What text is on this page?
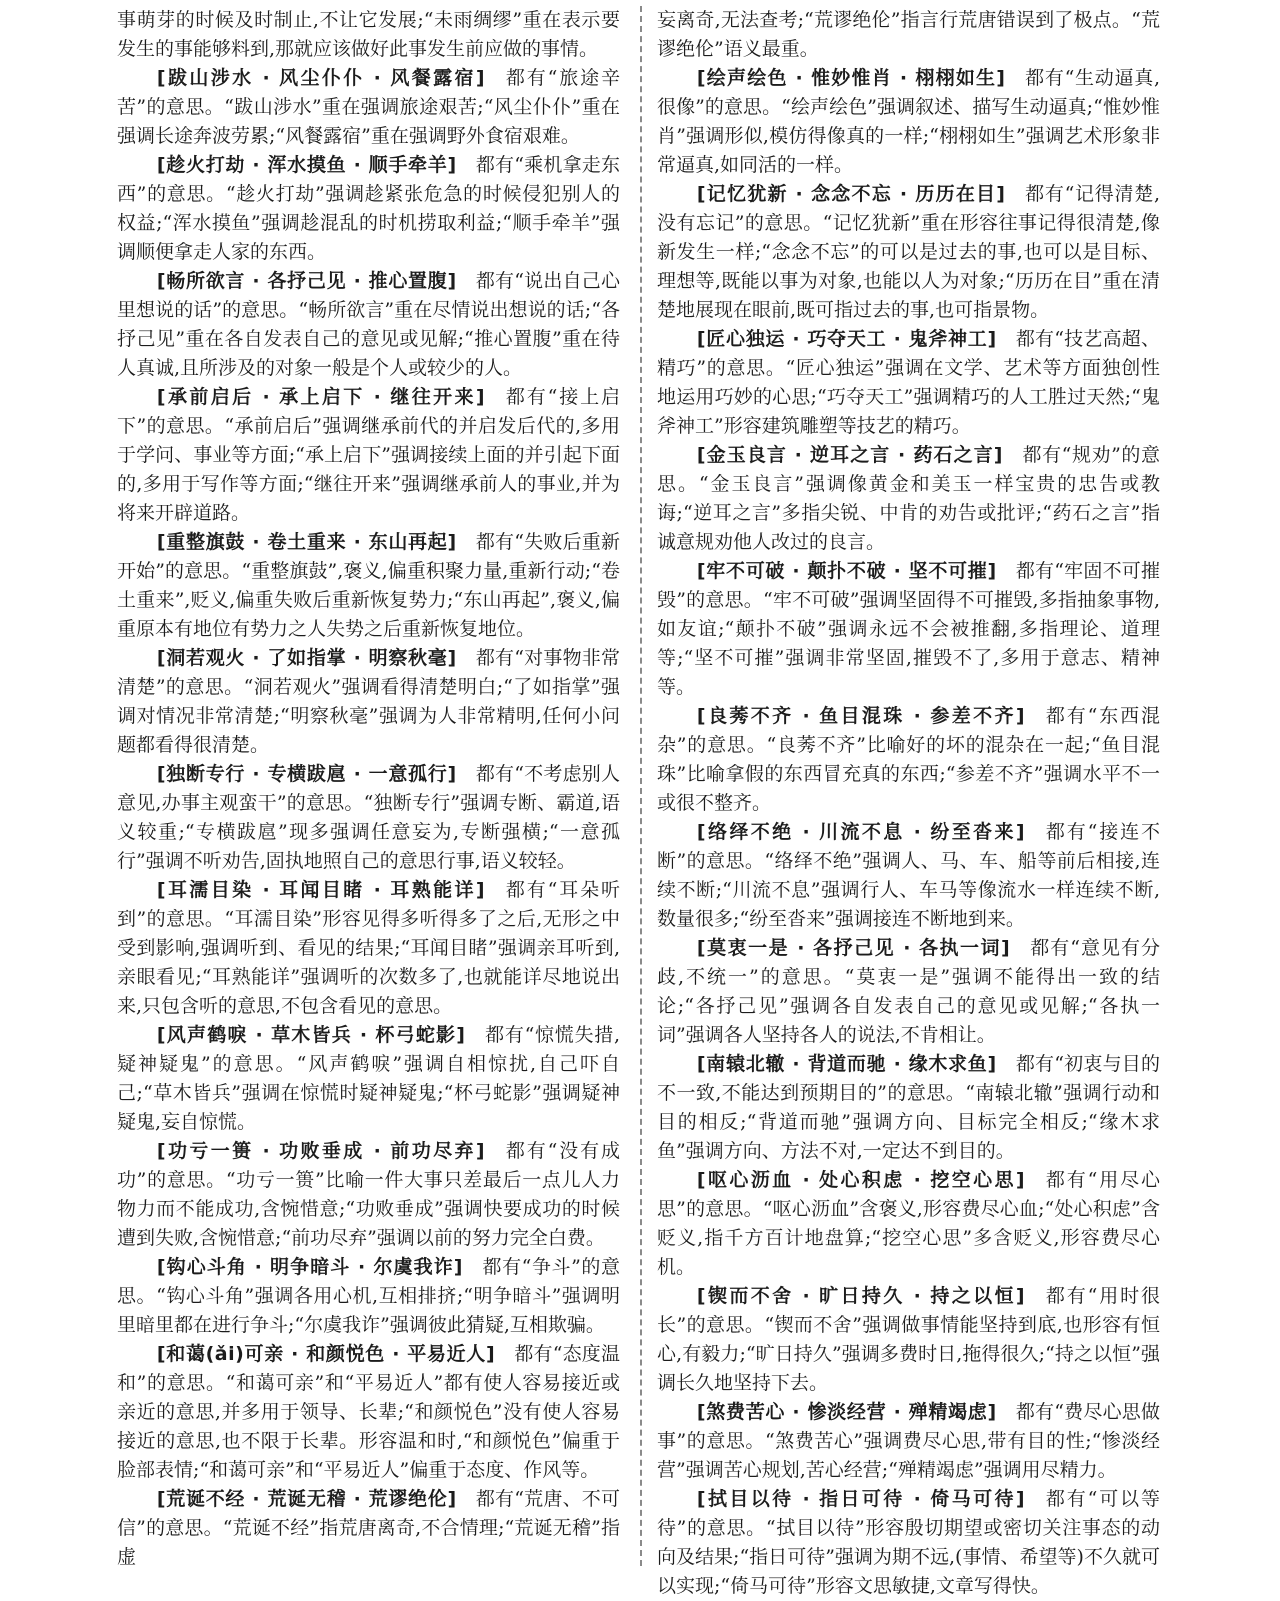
事萌芽的时候及时制止,不让它发展;“未雨绸缪”重在表示要发生的事能够料到,那就应该做好此事发生前应做的事情。

[跋山涉水 · 风尘仆仆 · 风餐露宿] 都有“旅途辛苦”的意思。“跋山涉水”重在强调旅途艰苦;“风尘仆仆”重在强调长途奔波劳累;“风餐露宿”重在强调野外食宿艰难。

[趁火打劫 · 浑水摸鱼 · 顺手牵羊] 都有“乘机拿走东西”的意思。“趁火打劫”强调趁紧张危急的时候侵犯别人的权益;“浑水摸鱼”强调趁混乱的时机捞取利益;“顺手牵羊”强调顺便拿走人家的东西。

[畅所欲言 · 各抒己见 · 推心置腹] 都有“说出自己心里想说的话”的意思。“畅所欲言”重在尽情说出想说的话;“各抒己见”重在各自发表自己的意见或见解;“推心置腹”重在待人真诚,且所涉及的对象一般是个人或较少的人。

[承前启后 · 承上启下 · 继往开来] 都有“接上启下”的意思。“承前启后”强调继承前代的并启发后代的,多用于学问、事业等方面;“承上启下”强调接续上面的并引起下面的,多用于写作等方面;“继往开来”强调继承前人的事业,并为将来开辟道路。

[重整旗鼓 · 卷土重来 · 东山再起] 都有“失败后重新开始”的意思。“重整旗鼓”,褒义,偏重积聚力量,重新行动;“卷土重来”,贬义,偏重失败后重新恢复势力;“东山再起”,褒义,偏重原本有地位有势力之人失势之后重新恢复地位。

[洞若观火 · 了如指掌 · 明察秋毫] 都有“对事物非常清楚”的意思。“洞若观火”强调看得清楚明白;“了如指掌”强调对情况非常清楚;“明察秋毫”强调为人非常精明,任何小问题都看得很清楚。

[独断专行 · 专横跋扈 · 一意孤行] 都有“不考虑别人意见,办事主观蛮干”的意思。“独断专行”强调专断、霸道,语义较重;“专横跋扈”现多强调任意妄为,专断强横;“一意孤行”强调不听劝告,固执地照自己的意思行事,语义较轻。

[耳濡目染 · 耳闻目睹 · 耳熟能详] 都有“耳朵听到”的意思。“耳濡目染”形容见得多听得多了之后,无形之中受到影响,强调听到、看见的结果;“耳闻目睹”强调亲耳听到,亲眼看见;“耳熟能详”强调听的次数多了,也就能详尽地说出来,只包含听的意思,不包含看见的意思。

[风声鹤唳 · 草木皆兵 · 杯弓蛇影] 都有“惊慌失措,疑神疑鬼”的意思。“风声鹤唳”强调自相惊扰,自己吓自己;“草木皆兵”强调在惊慌时疑神疑鬼;“杯弓蛇影”强调疑神疑鬼,妄自惊慌。

[功亏一篑 · 功败垂成 · 前功尽弃] 都有“没有成功”的意思。“功亏一篑”比喻一件大事只差最后一点儿人力物力而不能成功,含惋惜意;“功败垂成”强调快要成功的时候遭到失败,含惋惜意;“前功尽弃”强调以前的努力完全白费。

[钩心斗角 · 明争暗斗 · 尔虞我诈] 都有“争斗”的意思。“钩心斗角”强调各用心机,互相排挤;“明争暗斗”强调明里暗里都在进行争斗;“尔虞我诈”强调彼此猜疑,互相欺骗。

[和蔼(ǎi)可亲 · 和颜悦色 · 平易近人] 都有“态度温和”的意思。“和蔼可亲”和“平易近人”都有使人容易接近或亲近的意思,并多用于领导、长辈;“和颜悦色”没有使人容易接近的意思,也不限于长辈。形容温和时,“和颜悦色”偏重于脸部表情;“和蔼可亲”和“平易近人”偏重于态度、作风等。

[荒诞不经 · 荒诞无稽 · 荒谬绝伦] 都有“荒唐、不可信”的意思。“荒诞不经”指荒唐离奇,不合情理;“荒诞无稽”指虚

妄离奇,无法查考;“荒谬绝伦”指言行荒唐错误到了极点。“荒谬绝伦”语义最重。

[绘声绘色 · 惟妙惟肖 · 栩栩如生] 都有“生动逼真,很像”的意思。“绘声绘色”强调叙述、描写生动逼真;“惟妙惟肖”强调形似,模仿得像真的一样;“栩栩如生”强调艺术形象非常逼真,如同活的一样。

[记忆犹新 · 念念不忘 · 历历在目] 都有“记得清楚,没有忘记”的意思。“记忆犹新”重在形容往事记得很清楚,像新发生一样;“念念不忘”的可以是过去的事,也可以是目标、理想等,既能以事为对象,也能以人为对象;“历历在目”重在清楚地展现在眼前,既可指过去的事,也可指景物。

[匠心独运 · 巧夺天工 · 鬼斧神工] 都有“技艺高超、精巧”的意思。“匠心独运”强调在文学、艺术等方面独创性地运用巧妙的心思;“巧夺天工”强调精巧的人工胜过天然;“鬼斧神工”形容建筑雕塑等技艺的精巧。

[金玉良言 · 逆耳之言 · 药石之言] 都有“规劝”的意思。“金玉良言”强调像黄金和美玉一样宝贵的忠告或教诲;“逆耳之言”多指尖锐、中肯的劝告或批评;“药石之言”指诚意规劝他人改过的良言。

[牢不可破 · 颠扑不破 · 坚不可摧] 都有“牢固不可摧毁”的意思。“牢不可破”强调坚固得不可摧毁,多指抽象事物,如友谊;“颠扑不破”强调永远不会被推翻,多指理论、道理等;“坚不可摧”强调非常坚固,摧毁不了,多用于意志、精神等。

[良莠不齐 · 鱼目混珠 · 参差不齐] 都有“东西混杂”的意思。“良莠不齐”比喻好的坏的混杂在一起;“鱼目混珠”比喻拿假的东西冒充真的东西;“参差不齐”强调水平不一或很不整齐。

[络绎不绝 · 川流不息 · 纷至沓来] 都有“接连不断”的意思。“络绎不绝”强调人、马、车、船等前后相接,连续不断;“川流不息”强调行人、车马等像流水一样连续不断,数量很多;“纷至沓来”强调接连不断地到来。

[莫衷一是 · 各抒己见 · 各执一词] 都有“意见有分歧,不统一”的意思。“莫衷一是”强调不能得出一致的结论;“各抒己见”强调各自发表自己的意见或见解;“各执一词”强调各人坚持各人的说法,不肯相让。

[南辕北辙 · 背道而驰 · 缘木求鱼] 都有“初衷与目的不一致,不能达到预期目的”的意思。“南辕北辙”强调行动和目的相反;“背道而驰”强调方向、目标完全相反;“缘木求鱼”强调方向、方法不对,一定达不到目的。

[呕心沥血 · 处心积虑 · 挖空心思] 都有“用尽心思”的意思。“呕心沥血”含褒义,形容费尽心血;“处心积虑”含贬义,指千方百计地盘算;“挖空心思”多含贬义,形容费尽心机。

[锲而不舍 · 旷日持久 · 持之以恒] 都有“用时很长”的意思。“锲而不舍”强调做事情能坚持到底,也形容有恒心,有毅力;“旷日持久”强调多费时日,拖得很久;“持之以恒”强调长久地坚持下去。

[煞费苦心 · 惨淡经营 · 殚精竭虑] 都有“费尽心思做事”的意思。“煞费苦心”强调费尽心思,带有目的性;“惨淡经营”强调苦心规划,苦心经营;“殚精竭虑”强调用尽精力。

[拭目以待 · 指日可待 · 倚马可待] 都有“可以等待”的意思。“拭目以待”形容殷切期望或密切关注事态的动向及结果;“指日可待”强调为期不远,(事情、希望等)不久就可以实现;“倚马可待”形容文思敏捷,文章写得快。
